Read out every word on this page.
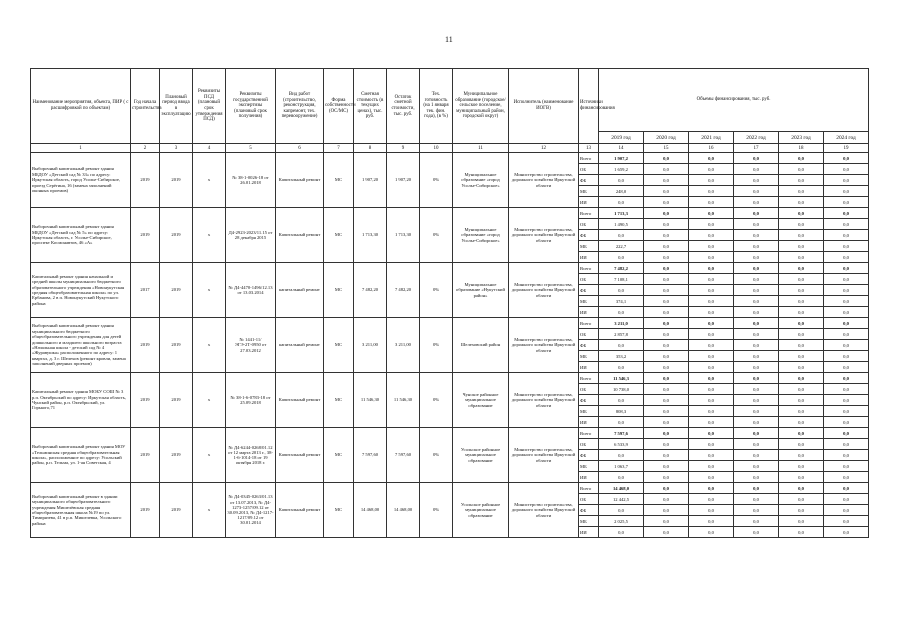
11
Наименование мероприятия, объекта, ПИР ( с расшифровкой по объектам)	Год начала строительства	Плановый период ввода в эксплуатацию	Реквизиты ПСД (плановый срок утверждения ПСД)	Реквизиты государственной экспертизы (плановый срок получения)	Вид работ (строительство, реконструкция, капремонт, тех. перевооружение)	Форма собственности (ОС/МС)	Сметная стоимость (в текущих ценах), тыс. руб.	Остаток сметной стоимости, тыс. руб.	Тех. готовность (на 1 января тек. фин. года), (в %)	Муниципальное образование (городское/сельское поселение, муниципальный район, городской округ)	Исполнитель (наименование ИОГВ)	Источники финансирования	Объемы финансирования, тыс. руб.					
													2019 год	2020 год	2021 год	2022 год	2023 год	2024 год
1	2	3	4	5	6	7	8	9	10	11	12	13	14	15	16	17	18	19
Выборочный капитальный ремонт здания МБДОУ «Детский сад № 33» по адресу: Иркутская область, город Усолье-Сибирское, проезд Серёгина, 16 (замена заполнений оконных проемов)	2019	2019	х	№ 38-1-0026-18 от 26.01.2018	Капитальный ремонт	МС	1 907,20	1 907,20	0%	Муниципальное образование «город Усолье-Сибирское»	Министерство строительства, дорожного хозяйства Иркутской области	Всего	1 907,2	0,0	0,0	0,0	0,0	0,0
												ОБ	1 659,2	0,0	0,0	0,0	0,0	0,0
												ФБ	0,0	0,0	0,0	0,0	0,0	0,0
												МБ	248,0	0,0	0,0	0,0	0,0	0,0
												ИИ	0,0	0,0	0,0	0,0	0,0	0,0
Выборочный капитальный ремонт здания МБДОУ «Детский сад № 5» по адресу: Иркутская область, г. Усолье-Сибирское, проспект Космонавтов, 46 «А»	2019	2019	х	Д4-2923-2023/11.15 от 28 декабря 2015	Капитальный ремонт	МС	1 713,30	1 713,30	0%	Муниципальное образование «город Усолье-Сибирское»	Министерство строительства, дорожного хозяйства Иркутской области	Всего	1 713,3	0,0	0,0	0,0	0,0	0,0
												ОБ	1 490,5	0,0	0,0	0,0	0,0	0,0
												ФБ	0,0	0,0	0,0	0,0	0,0	0,0
												МБ	222,7	0,0	0,0	0,0	0,0	0,0
												ИИ	0,0	0,0	0,0	0,0	0,0	0,0
Капитальный ремонт здания начальной и средней школы муниципального бюджетного образовательного учреждения «Новонукутская средняя общеобразовательная школа» по ул. Ербанова, 2 в п. Новонукутский Нукутского района	2017	2019	х	№ Д4-4470-1496/12.13 от 13.03.2014	капитальный ремонт	МС	7 482,20	7 482,20	0%	Муниципальное образование «Нукутский район»	Министерство строительства, дорожного хозяйства Иркутской области	Всего	7 482,2	0,0	0,0	0,0	0,0	0,0
												ОБ	7 108,1	0,0	0,0	0,0	0,0	0,0
												ФБ	0,0	0,0	0,0	0,0	0,0	0,0
												МБ	374,1	0,0	0,0	0,0	0,0	0,0
												ИИ	0,0	0,0	0,0	0,0	0,0	0,0
Выборочный капитальный ремонт здания муниципального бюджетного общеобразовательного учреждения для детей дошкольного и младшего школьного возраста «Начальная школа - детский сад № 4 «Журавушка» расположенного по адресу: 1 квартал, д. 3 г. Шелехов (ремонт кровли, замена заполнений дверных проемов)	2019	2019	х	№ 1441-11/ЭГЭ-2Т-0950 от 27.03.2012	капитальный ремонт	МС	3 211,00	3 211,00	0%	Шелеховский район	Министерство строительства, дорожного хозяйства Иркутской области	Всего	3 211,0	0,0	0,0	0,0	0,0	0,0
												ОБ	2 857,8	0,0	0,0	0,0	0,0	0,0
												ФБ	0,0	0,0	0,0	0,0	0,0	0,0
												МБ	353,2	0,0	0,0	0,0	0,0	0,0
												ИИ	0,0	0,0	0,0	0,0	0,0	0,0
Капитальный ремонт здания МОБУ СОШ № 3 р.п. Октябрьский по адресу: Иркутская область, Чунский район, р.п. Октябрьский, ул. Горького,71	2019	2019	х	№ 38-1-6-0783-18 от 25.09.2018	Капитальный ремонт	МС	11 546,30	11 546,30	0%	Чунское районное муниципальное образование	Министерство строительства, дорожного хозяйства Иркутской области	Всего	11 546,3	0,0	0,0	0,0	0,0	0,0
												ОБ	10 738,0	0,0	0,0	0,0	0,0	0,0
												ФБ	0,0	0,0	0,0	0,0	0,0	0,0
												МБ	808,3	0,0	0,0	0,0	0,0	0,0
												ИИ	0,0	0,0	0,0	0,0	0,0	0,0
Выборочный капитальный ремонт здания МОУ «Тельминская средняя общеобразовательная школа», расположенное по адресу: Усольский район, р.п. Тельма, ул. 1-ая Советская, 4	2019	2019	х	№ Д4-6244-0268/01.12 от 12 марта 2013 г., 38-1-6-1014-18 от 19 октября 2018 г.	Капитальный ремонт	МС	7 597,60	7 597,60	0%	Усольское районное муниципальное образование	Министерство строительства, дорожного хозяйства Иркутской области	Всего	7 597,6	0,0	0,0	0,0	0,0	0,0
												ОБ	6 533,9	0,0	0,0	0,0	0,0	0,0
												ФБ	0,0	0,0	0,0	0,0	0,0	0,0
												МБ	1 063,7	0,0	0,0	0,0	0,0	0,0
												ИИ	0,0	0,0	0,0	0,0	0,0	0,0
Выборочный капитальный ремонт в здании муниципального общеобразовательного учреждения Мишелёвская средняя общеобразовательная школа №19 по ул. Тимирязева, 41 в р.п. Мишелевка, Усольского района	2019	2019	х	№ Д4-0345-0263/01.13 от 13.07.2013, № Д4-1273-1257/09.12 от 30.09.2013, № Д4-1217-1217/09.12 от 30.01.2014	Капитальный ремонт	МС	14 468,00	14 468,00	0%	Усольское районное муниципальное образование	Министерство строительства, дорожного хозяйства Иркутской области	Всего	14 468,0	0,0	0,0	0,0	0,0	0,0
												ОБ	12 442,5	0,0	0,0	0,0	0,0	0,0
												ФБ	0,0	0,0	0,0	0,0	0,0	0,0
												МБ	2 025,5	0,0	0,0	0,0	0,0	0,0
												ИИ	0,0	0,0	0,0	0,0	0,0	0,0
